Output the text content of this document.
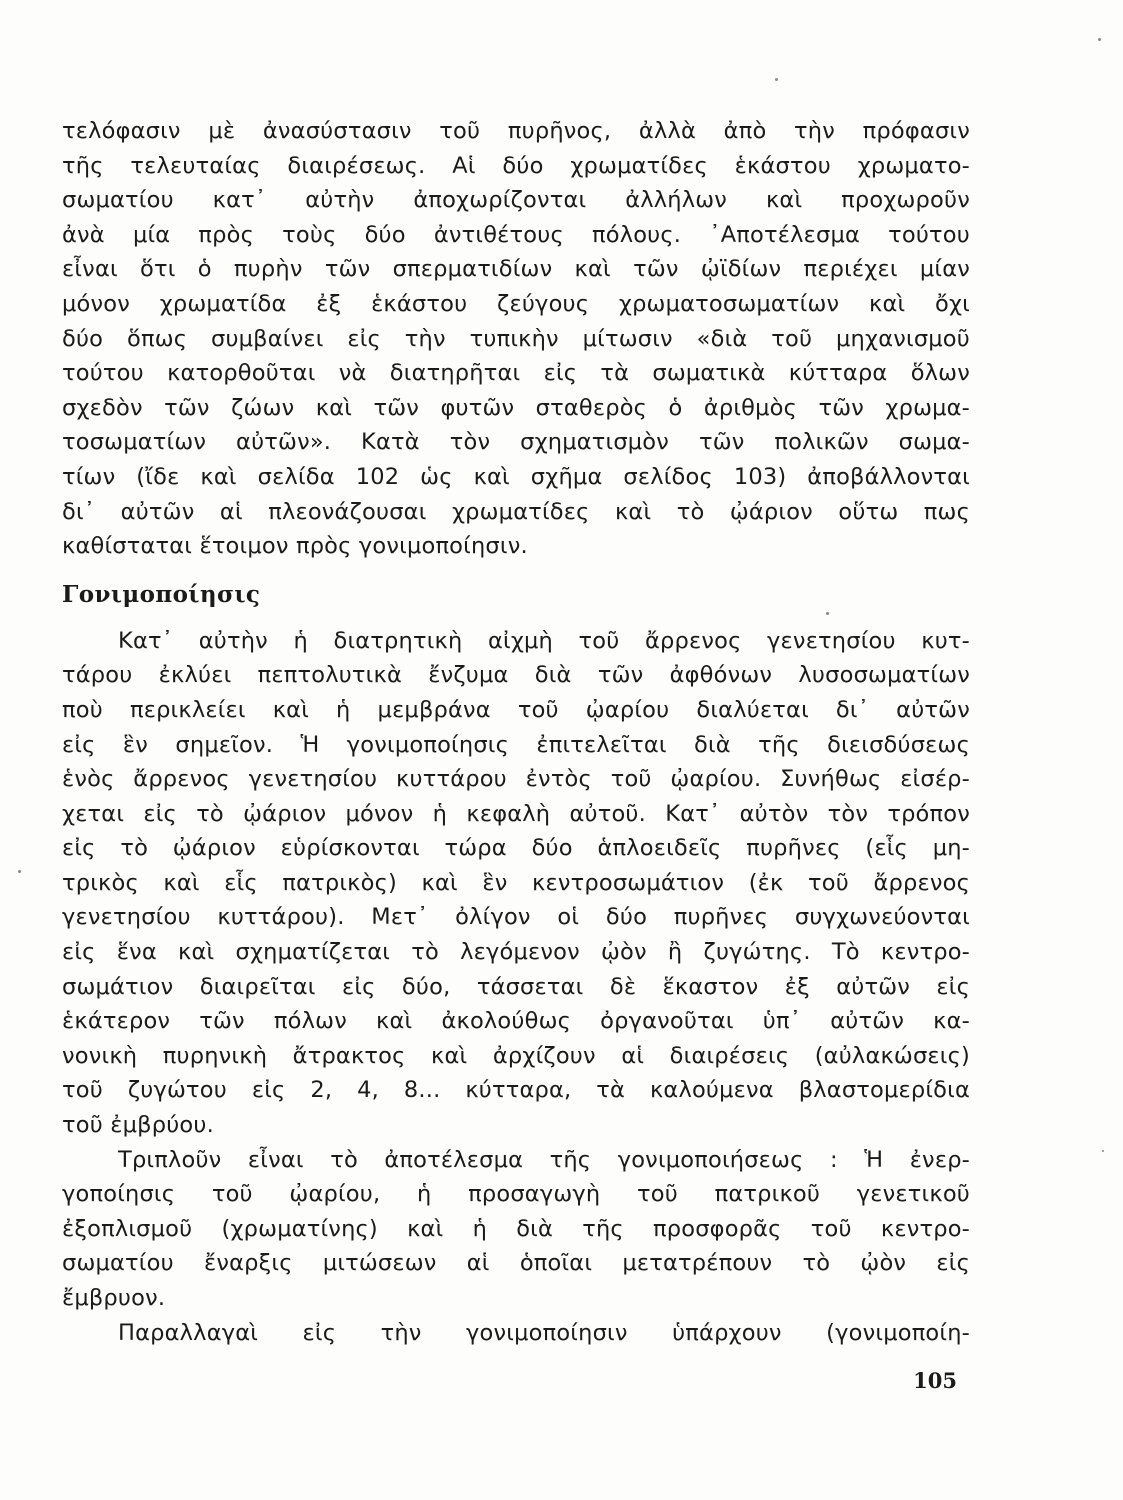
τελόφασιν μὲ ἀνασύστασιν τοῦ πυρῆνος, ἀλλὰ ἀπὸ τὴν πρόφασιν
τῆς τελευταίας διαιρέσεως. Αἱ δύο χρωματίδες ἑκάστου χρωματο-
σωματίου κατ᾽ αὐτὴν ἀποχωρίζονται ἀλλήλων καὶ προχωροῦν
ἀνὰ μία πρὸς τοὺς δύο ἀντιθέτους πόλους. ᾽Αποτέλεσμα τούτου
εἶναι ὅτι ὁ πυρὴν τῶν σπερματιδίων καὶ τῶν ᾠϊδίων περιέχει μίαν
μόνον χρωματίδα ἐξ ἑκάστου ζεύγους χρωματοσωματίων καὶ ὄχι
δύο ὅπως συμβαίνει εἰς τὴν τυπικὴν μίτωσιν «διὰ τοῦ μηχανισμοῦ
τούτου κατορθοῦται νὰ διατηρῆται εἰς τὰ σωματικὰ κύτταρα ὅλων
σχεδὸν τῶν ζώων καὶ τῶν φυτῶν σταθερὸς ὁ ἀριθμὸς τῶν χρωμα-
τοσωματίων αὐτῶν». Κατὰ τὸν σχηματισμὸν τῶν πολικῶν σωμα-
τίων (ἴδε καὶ σελίδα 102 ὡς καὶ σχῆμα σελίδος 103) ἀποβάλλονται
δι᾽ αὐτῶν αἱ πλεονάζουσαι χρωματίδες καὶ τὸ ᾠάριον οὕτω πως
καθίσταται ἕτοιμον πρὸς γονιμοποίησιν.
Γονιμοποίησις
Κατ᾽ αὐτὴν ἡ διατρητικὴ αἰχμὴ τοῦ ἄρρενος γενετησίου κυτ-
τάρου ἐκλύει πεπτολυτικὰ ἔνζυμα διὰ τῶν ἀφθόνων λυσοσωματίων
ποὺ περικλείει καὶ ἡ μεμβράνα τοῦ ᾠαρίου διαλύεται δι᾽ αὐτῶν
εἰς ἓν σημεῖον. Ἡ γονιμοποίησις ἐπιτελεῖται διὰ τῆς διεισδύσεως
ἑνὸς ἄρρενος γενετησίου κυττάρου ἐντὸς τοῦ ᾠαρίου. Συνήθως εἰσέρ-
χεται εἰς τὸ ᾠάριον μόνον ἡ κεφαλὴ αὐτοῦ. Κατ᾽ αὐτὸν τὸν τρόπον
εἰς τὸ ᾠάριον εὑρίσκονται τώρα δύο ἁπλοειδεῖς πυρῆνες (εἷς μη-
τρικὸς καὶ εἷς πατρικὸς) καὶ ἓν κεντροσωμάτιον (ἐκ τοῦ ἄρρενος
γενετησίου κυττάρου). Μετ᾽ ὀλίγον οἱ δύο πυρῆνες συγχωνεύονται
εἰς ἕνα καὶ σχηματίζεται τὸ λεγόμενον ᾠὸν ἢ ζυγώτης. Τὸ κεντρο-
σωμάτιον διαιρεῖται εἰς δύο, τάσσεται δὲ ἕκαστον ἐξ αὐτῶν εἰς
ἑκάτερον τῶν πόλων καὶ ἀκολούθως ὀργανοῦται ὑπ᾽ αὐτῶν κα-
νονικὴ πυρηνικὴ ἄτρακτος καὶ ἀρχίζουν αἱ διαιρέσεις (αὐλακώσεις)
τοῦ ζυγώτου εἰς 2, 4, 8... κύτταρα, τὰ καλούμενα βλαστομερίδια
τοῦ ἐμβρύου.
Τριπλοῦν εἶναι τὸ ἀποτέλεσμα τῆς γονιμοποιήσεως : Ἡ ἐνερ-
γοποίησις τοῦ ᾠαρίου, ἡ προσαγωγὴ τοῦ πατρικοῦ γενετικοῦ
ἐξοπλισμοῦ (χρωματίνης) καὶ ἡ διὰ τῆς προσφορᾶς τοῦ κεντρο-
σωματίου ἔναρξις μιτώσεων αἱ ὁποῖαι μετατρέπουν τὸ ᾠὸν εἰς
ἔμβρυον.
Παραλλαγαὶ εἰς τὴν γονιμοποίησιν ὑπάρχουν (γονιμοποίη-
105
